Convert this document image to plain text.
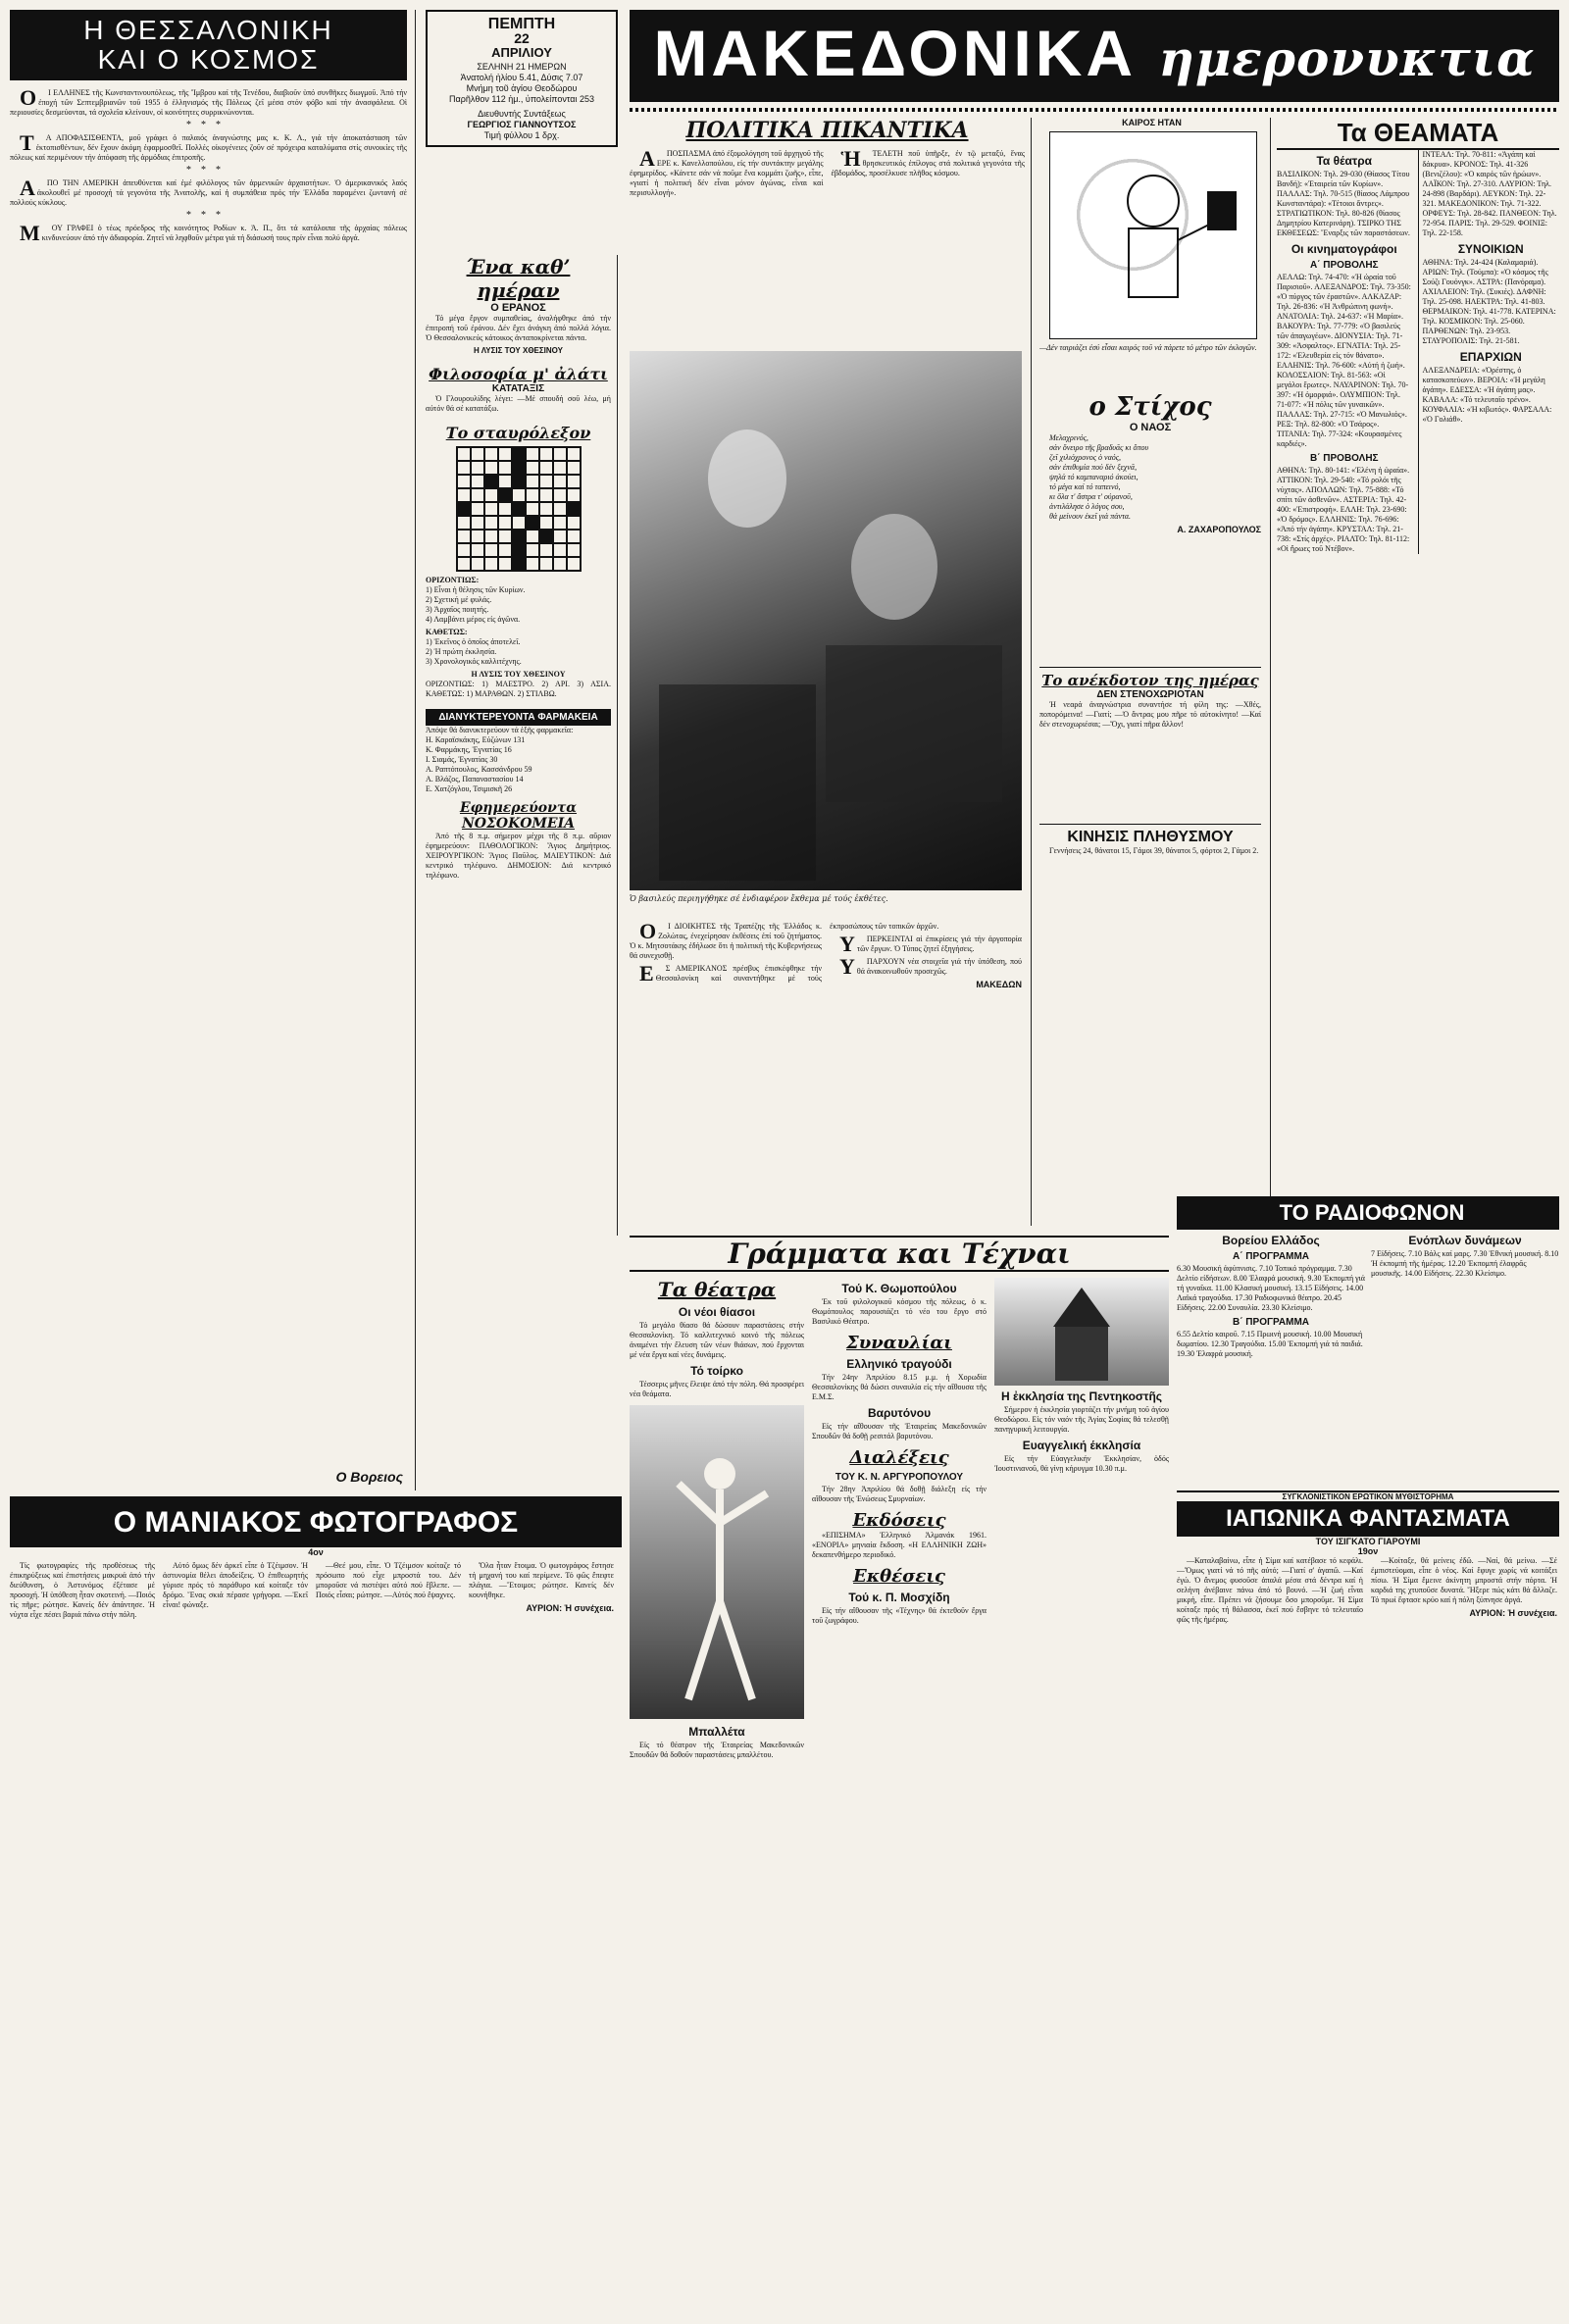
Η ΘΕΣΣΑΛΟΝΙΚΗ
ΚΑΙ Ο ΚΟΣΜΟΣ

ΟΙ ΕΛΛΗΝΕΣ τῆς Κωνσταντινουπόλεως, τῆς Ἴμβρου καί τῆς Τενέδου, διαβιοῦν ὑπό συνθῆκες διωγμοῦ. Ἀπό τήν ἐποχή τῶν Σεπτεμβριανῶν τοῦ 1955 ὁ ἑλληνισμός τῆς Πόλεως ζεῖ μέσα στόν φόβο καί τήν ἀνασφάλεια. Οἱ περιουσίες δεσμεύονται, τά σχολεῖα κλείνουν, οἱ κοινότητες συρρικνώνονται.

***

ΤΑ ΑΠΟΦΑΣΙΣΘΕΝΤΑ, μοῦ γράφει ὁ παλαιός ἀναγνώστης μας κ. Κ. Λ., γιά τήν ἀποκατάσταση τῶν ἐκτοπισθέντων, δέν ἔχουν ἀκόμη ἐφαρμοσθεῖ. Πολλές οἰκογένειες ζοῦν σέ πρόχειρα καταλύματα στίς συνοικίες τῆς πόλεως καί περιμένουν τήν ἀπόφαση τῆς ἁρμόδιας ἐπιτροπῆς.

***

ΑΠΟ ΤΗΝ ΑΜΕΡΙΚΗ ἀπευθύνεται καί ἐμέ φιλόλογος τῶν ἀρμενικῶν ἀρχαιοτήτων. Ὁ ἀμερικανικός λαός ἀκολουθεῖ μέ προσοχή τά γεγονότα τῆς Ἀνατολῆς, καί ἡ συμπάθεια πρός τήν Ἑλλάδα παραμένει ζωντανή σέ πολλούς κύκλους.

***

ΜΟΥ ΓΡΑΦΕΙ ὁ τέως πρόεδρος τῆς κοινότητος Ροδίων κ. Ἀ. Π., ὅτι τά κατάλοιπα τῆς ἀρχαίας πόλεως κινδυνεύουν ἀπό τήν ἀδιαφορία. Ζητεῖ νά ληφθοῦν μέτρα γιά τή διάσωσή τους πρίν εἶναι πολύ ἀργά.

Ο Βορειος
ΠΕΜΠΤΗ
22
ΑΠΡΙΛΙΟΥ
ΣΕΛΗΝΗ 21 ΗΜΕΡΩΝ
Ἀνατολή ἡλίου 5.41, Δύσις 7.07
Μνήμη τοῦ ἁγίου Θεοδώρου
Παρῆλθον 112 ἡμ., ὑπολείπονται 253
Διευθυντής Συντάξεως
ΓΕΩΡΓΙΟΣ ΓΙΑΝΝΟΥΤΣΟΣ
Τιμή φύλλου 1 δρχ.
Ένα καθ’ ημέραν
Ο ΕΡΑΝΟΣ

Τό μέγα ἔργον συμπαθείας, ἀναλήφθηκε ἀπό τήν ἐπιτροπή τοῦ ἐράνου. Δέν ἔχει ἀνάγκη ἀπό πολλά λόγια. Ὁ Θεσσαλονικεύς κάτοικος ἀνταποκρίνεται πάντα.

Η ΛΥΣΙΣ ΤΟΥ ΧΘΕΣΙΝΟΥ
Φιλοσοφία μ' ἀλάτι
ΚΑΤΑΤΑΞΙΣ

Ὁ Γλουρουλίδης λέγει: —Μέ σπουδή σοῦ λέω, μή αὐτόν θά σέ κατατάξω.

Το σταυρόλεξον
ΟΡΙΖΟΝΤΙΩΣ:
1) Εἶναι ἡ θέλησις τῶν Κυρίων.
2) Σχετική μέ φυλάς.
3) Ἀρχαῖος ποιητής.
4) Λαμβάνει μέρος εἰς ἀγῶνα.
ΚΑΘΕΤΩΣ:
1) Ἐκεῖνος ὁ ὁποῖος ἀποτελεῖ.
2) Ἡ πρώτη ἐκκλησία.
3) Χρονολογικός καλλιτέχνης.
Η ΛΥΣΙΣ ΤΟΥ ΧΘΕΣΙΝΟΥ
ΟΡΙΖΟΝΤΙΩΣ: 1) ΜΑΕΣΤΡΟ. 2) ΑΡΙ. 3) ΑΣΙΑ. ΚΑΘΕΤΩΣ: 1) ΜΑΡΑΘΩΝ. 2) ΣΤΙΛΒΩ.
ΔΙΑΝΥΚΤΕΡΕΥΟΝΤΑ ΦΑΡΜΑΚΕΙΑ
Ἀπόψε θά διανυκτερεύουν τά ἑξῆς φαρμακεῖα:
Η. Καραϊσκάκης, Εὐζώνων 131
Κ. Φαρμάκης, Ἐγνατίας 16
Ι. Σιαμάς, Ἐγνατίας 30
Α. Ραπτόπουλος, Κασσάνδρου 59
Α. Βλάζος, Παπαναστασίου 14
Ε. Χατζόγλου, Τσιμισκῆ 26
Εφημερεύοντα ΝΟΣΟΚΟΜΕΙΑ

Ἀπό τῆς 8 π.μ. σήμερον μέχρι τῆς 8 π.μ. αὔριον ἐφημερεύουν: ΠΑΘΟΛΟΓΙΚΟΝ: Ἅγιος Δημήτριος. ΧΕΙΡΟΥΡΓΙΚΟΝ: Ἅγιος Παῦλος. ΜΑΙΕΥΤΙΚΟΝ: Διά κεντρικό τηλέφωνο. ΔΗΜΟΣΙΟΝ: Διά κεντρικό τηλέφωνο.

ΜΑΚΕΔΟΝΙΚΑ ημερονυκτια
ΠΟΛΙΤΙΚΑ ΠΙΚΑΝΤΙΚΑ

ΑΠΟΣΠΑΣΜΑ ἀπό ἐξομολόγηση τοῦ ἀρχηγοῦ τῆς ΕΡΕ κ. Κανελλοπούλου, εἰς τήν συντάκτην μεγάλης ἐφημερίδος. «Κάνετε σάν νά ποῦμε ἕνα κομμάτι ζωῆς», εἶπε, «γιατί ἡ πολιτική δέν εἶναι μόνον ἀγώνας, εἶναι καί περισυλλογή».

ἩΤΕΛΕΤΗ ποῦ ὑπῆρξε, ἐν τῷ μεταξύ, ἕνας θρησκευτικός ἐπίλογος στά πολιτικά γεγονότα τῆς ἑβδομάδος, προσέλκυσε πλῆθος κόσμου.

Ὁ βασιλεύς περιηγήθηκε σέ ἐνδιαφέρον ἔκθεμα μέ τούς ἐκθέτες.

ΟΙ ΔΙΟΙΚΗΤΕΣ τῆς Τραπέζης τῆς Ἑλλάδος κ. Ζολώτας, ἐνεχείρησαν ἐκθέσεις ἐπί τοῦ ζητήματος. Ὁ κ. Μητσοτάκης ἐδήλωσε ὅτι ἡ πολιτική τῆς Κυβερνήσεως θά συνεχισθῇ.

ΕΣ ΑΜΕΡΙΚΑΝΟΣ πρέσβυς ἐπισκέφθηκε τήν Θεσσαλονίκη καί συναντήθηκε μέ τούς ἐκπροσώπους τῶν τοπικῶν ἀρχῶν.

ΥΠΕΡΚΕΙΝΤΑΙ αἱ ἐπικρίσεις γιά τήν ἀργοπορία τῶν ἔργων. Ὁ Τύπος ζητεῖ ἐξηγήσεις.

ΥΠΑΡΧΟΥΝ νέα στοιχεῖα γιά τήν ὑπόθεση, πού θά ἀνακοινωθοῦν προσεχῶς.

ΜΑΚΕΔΩΝ
KAIPOΣ ΗΤΑΝ
—Δέν ταιριάζει ἐσύ εἶσαι καιρός τοῦ νά πάρετε τό μέτρο τῶν ἐκλογῶν.
ο Στίχος
Ο ΝΑΟΣ
Μελαχρινός,
σάν ὄνειρο τῆς βραδυᾶς κι ὅπου
ζεῖ χιλιόχρονος ὁ ναός,
σάν ἐπιθυμία πού δέν ξεχνᾶ,
ψηλά τό καμπαναριό ἀκούει,
τό μέγα καί τό ταπεινό,
κι ὅλα τ' ἄστρα τ' οὐρανοῦ,
ἀντιλάλησε ὁ λόγος σου,
θά μείνουν ἐκεῖ γιά πάντα.
Α. ΖΑΧΑΡΟΠΟΥΛΟΣ
Το ανέκδοτον της ημέρας
ΔΕΝ ΣΤΕΝΟΧΩΡΙΟΤΑΝ

Ἡ νεαρά ἀναγνώστρια συναντήσε τή φίλη της: —Χθές, ποπορόμεινα! —Γιατί; —Ὁ ἄντρας μου πῆρε τό αὐτοκίνητο! —Καί δέν στενοχωριέσαι; —Ὄχι, γιατί πῆρα ἄλλον!

ΚΙΝΗΣΙΣ ΠΛΗΘΥΣΜΟΥ

Γεννήσεις 24, θάνατοι 15, Γάμοι 39, θάνατοι 5, φόρτοι 2, Γάμοι 2.

Τα ΘΕΑΜΑΤΑ
Τα θέατρα
ΒΑΣΙΛΙΚΟΝ: Τηλ. 29-030 (Θίασος Τίτου Βανδή): «Ἐταιρεία τῶν Κυρίων». ΠΑΛΛΑΣ: Τηλ. 70-515 (θίασος Λάμπρου Κωνσταντάρα): «Τέτοιοι ἄντρες». ΣΤΡΑΤΙΩΤΙΚΟΝ: Τηλ. 80-826 (θίασος Δημητρίου Κατερινάρη). ΤΣΙΡΚΟ ΤΗΣ ΕΚΘΕΣΕΩΣ: Ἔναρξις τῶν παραστάσεων.
Οι κινηματογράφοι
Α΄ ΠΡΟΒΟΛΗΣ
ΑΕΛΛΩ: Τηλ. 74-470: «Ἡ ὡραία τοῦ Παρισιοῦ». ΑΛΕΞΑΝΔΡΟΣ: Τηλ. 73-350: «Ὁ πύργος τῶν ἐραστῶν». ΑΛΚΑΖΑΡ: Τηλ. 26-836: «Ἡ Ἀνθρώπινη φωνή». ΑΝΑΤΟΛΙΑ: Τηλ. 24-637: «Ἡ Μαρία». ΒΑΚΟΥΡΑ: Τηλ. 77-779: «Ὁ βασιλεύς τῶν ἀπαγωγέων». ΔΙΟΝΥΣΙΑ: Τηλ. 71-309: «Ἀσφαλτος». ΕΓΝΑΤΙΑ: Τηλ. 25-172: «Ἐλευθερία εἰς τόν θάνατο». ΕΛΛΗΝΙΣ: Τηλ. 76-600: «Αὐτή ἡ ζωή». ΚΟΛΟΣΣΑΙΟΝ: Τηλ. 81-563: «Οἱ μεγάλοι ἔρωτες». ΝΑΥΑΡΙΝΟΝ: Τηλ. 70-397: «Ἡ ὀμορφιά». ΟΛΥΜΠΙΟΝ: Τηλ. 71-077: «Ἡ πόλις τῶν γυναικῶν». ΠΑΛΛΑΣ: Τηλ. 27-715: «Ὁ Μανωλιός». ΡΕΞ: Τηλ. 82-800: «Ὁ Τσάρος». ΤΙΤΑΝΙΑ: Τηλ. 77-324: «Κουρασμένες καρδιές».
Β΄ ΠΡΟΒΟΛΗΣ
ΑΘΗΝΑ: Τηλ. 80-141: «Ἑλένη ἡ ὡραία». ΑΤΤΙΚΟΝ: Τηλ. 29-540: «Τό ρολόι τῆς νύχτας». ΑΠΟΛΛΩΝ: Τηλ. 75-888: «Τό σπίτι τῶν ἀσθενῶν». ΑΣΤΕΡΙΑ: Τηλ. 42-400: «Ἐπιστροφή». ΕΛΛΗ: Τηλ. 23-690: «Ὁ δρόμος». ΕΛΛΗΝΙΣ: Τηλ. 76-696: «Ἀπό τήν ἀγάπη». ΚΡΥΣΤΑΛ: Τηλ. 21-738: «Στίς ἀρχές». ΡΙΑΛΤΟ: Τηλ. 81-112: «Οἱ ἥρωες τοῦ Ντέβον».
ΙΝΤΕΑΛ: Τηλ. 70-811: «Ἀγάπη καί δάκρυα». ΚΡΟΝΟΣ: Τηλ. 41-326 (Βενιζέλου): «Ὁ καιρός τῶν ἡρώων». ΛΑΪΚΟΝ: Τηλ. 27-310. ΛΑΥΡΙΟΝ: Τηλ. 24-898 (Βαρδάρι). ΛΕΥΚΟΝ: Τηλ. 22-321. ΜΑΚΕΔΟΝΙΚΟΝ: Τηλ. 71-322. ΟΡΦΕΥΣ: Τηλ. 28-842. ΠΑΝΘΕΟΝ: Τηλ. 72-954. ΠΑΡΙΣ: Τηλ. 29-529. ΦΟΙΝΙΞ: Τηλ. 22-158.
ΣΥΝΟΙΚΙΩΝ
ΑΘΗΝΑ: Τηλ. 24-424 (Καλαμαριά). ΑΡΙΩΝ: Τηλ. (Τούμπα): «Ὁ κόσμος τῆς Σούζι Γουόνγκ». ΑΣΤΡΑ: (Πανόραμα). ΑΧΙΛΛΕΙΟΝ: Τηλ. (Συκιές). ΔΑΦΝΗ: Τηλ. 25-098. ΗΛΕΚΤΡΑ: Τηλ. 41-803. ΘΕΡΜΑΙΚΟΝ: Τηλ. 41-778. ΚΑΤΕΡΙΝΑ: Τηλ. ΚΟΣΜΙΚΟΝ: Τηλ. 25-060. ΠΑΡΘΕΝΩΝ: Τηλ. 23-953. ΣΤΑΥΡΟΠΟΛΙΣ: Τηλ. 21-581.
ΕΠΑΡΧΙΩΝ
ΑΛΕΞΑΝΔΡΕΙΑ: «Ὀρέστης, ὁ κατασκοπεύων». ΒΕΡΟΙΑ: «Ἡ μεγάλη ἀγάπη». ΕΔΕΣΣΑ: «Ἡ ἀγάπη μας». ΚΑΒΑΛΑ: «Τό τελευταῖο τρένο». ΚΟΥΦΑΛΙΑ: «Ἡ κιβωτός». ΦΑΡΣΑΛΑ: «Ὁ Γολιάθ».
ΤΟ ΡΑΔΙΟΦΩΝΟΝ
Βορείου Ελλάδος
Α΄ ΠΡΟΓΡΑΜΜΑ
6.30 Μουσική ἀφύπνισις. 7.10 Τοπικό πρόγραμμα. 7.30 Δελτίο εἰδήσεων. 8.00 Ἑλαφρά μουσική. 9.30 Ἐκπομπή γιά τή γυναῖκα. 11.00 Κλασική μουσική. 13.15 Εἰδήσεις. 14.00 Λαϊκά τραγούδια. 17.30 Ραδιοφωνικό θέατρο. 20.45 Εἰδήσεις. 22.00 Συναυλία. 23.30 Κλείσιμο.
Β΄ ΠΡΟΓΡΑΜΜΑ
6.55 Δελτίο καιροῦ. 7.15 Πρωινή μουσική. 10.00 Μουσική δωματίου. 12.30 Τραγούδια. 15.00 Ἐκπομπή γιά τά παιδιά. 19.30 Ἐλαφρά μουσική.
Ενόπλων δυνάμεων
7 Εἰδήσεις. 7.10 Βάλς καί μαρς. 7.30 Ἐθνική μουσική. 8.10 Ἡ ἐκπομπή τῆς ἡμέρας. 12.20 Ἐκπομπή ἐλαφρᾶς μουσικῆς. 14.00 Εἰδήσεις. 22.30 Κλείσιμο.
Γράμματα και Τέχναι
Τα θέατρα
Οι νέοι θίασοι

Τό μεγάλο θίασο θά δώσουν παραστάσεις στήν Θεσσαλονίκη. Τό καλλιτεχνικό κοινό τῆς πόλεως ἀναμένει τήν ἔλευση τῶν νέων θιάσων, πού ἔρχονται μέ νέα ἔργα καί νέες δυνάμεις.

Τό τοίρκο

Τέσσερις μῆνες ἔλειψε ἀπό τήν πόλη. Θά προσφέρει νέα θεάματα.

Μπαλλέτα

Εἰς τό θέατρον τῆς Ἑταιρείας Μακεδονικῶν Σπουδῶν θά δοθοῦν παραστάσεις μπαλλέτου.

Τού Κ. Θωμοπούλου

Ἐκ τοῦ φιλολογικοῦ κόσμου τῆς πόλεως, ὁ κ. Θωμόπουλος παρουσιάζει τό νέο του ἔργο στό Βασιλικό Θέατρο.

Συναυλίαι
Ελληνικό τραγούδι

Τήν 24ην Ἀπριλίου 8.15 μ.μ. ἡ Χορωδία Θεσσαλονίκης θά δώσει συναυλία εἰς τήν αἴθουσα τῆς Ε.Μ.Σ.

Βαρυτόνου

Εἰς τήν αἴθουσαν τῆς Ἑταιρείας Μακεδονικῶν Σπουδῶν θά δοθῇ ρεσιτάλ βαρυτόνου.

Διαλέξεις
ΤΟΥ Κ. Ν. ΑΡΓΥΡΟΠΟΥΛΟΥ

Τήν 28ην Ἀπριλίου θά δοθῇ διάλεξη εἰς τήν αἴθουσαν τῆς Ἑνώσεως Σμυρναίων.

Εκδόσεις

«ΕΠΙΣΗΜΑ» Ἑλληνικό Ἀλμανάκ 1961. «ΕΝΟΡΙΑ» μηνιαία ἔκδοση. «Η ΕΛΛΗΝΙΚΗ ΖΩΗ» δεκαπενθήμερο περιοδικό.

Εκθέσεις
Τού κ. Π. Μοσχίδη

Εἰς τήν αἴθουσαν τῆς «Τέχνης» θά ἐκτεθοῦν ἔργα τοῦ ζωγράφου.

Η ἐκκλησία της Πεντηκοστῆς

Σήμερον ἡ ἐκκλησία γιορτάζει τήν μνήμη τοῦ ἁγίου Θεοδώρου. Εἰς τόν ναόν τῆς Ἁγίας Σοφίας θά τελεσθῇ πανηγυρική λειτουργία.

Ευαγγελική έκκλησία

Εἰς τήν Εὐαγγελικήν Ἐκκλησίαν, ὁδός Ἰουστινιανοῦ, θά γίνῃ κήρυγμα 10.30 π.μ.

ΣΥΓΚΛΟΝΙΣΤΙΚΟΝ ΕΡΩΤΙΚΟΝ ΜΥΘΙΣΤΟΡΗΜΑ
ΙΑΠΩΝΙΚΑ ΦΑΝΤΑΣΜΑΤΑ
ΤΟΥ ΙΣΙΓΚΑΤΟ ΓΙΑΡΟΥΜΙ
19ον

—Καταλαβαίνω, εἶπε ἡ Σίμα καί κατέβασε τό κεφάλι. —Ὅμως γιατί νά τό πῆς αὐτό; —Γιατί σ' ἀγαπῶ. —Καί ἐγώ. Ὁ ἄνεμος φυσοῦσε ἀπαλά μέσα στά δέντρα καί ἡ σελήνη ἀνέβαινε πάνω ἀπό τό βουνό. —Ἡ ζωή εἶναι μικρή, εἶπε. Πρέπει νά ζήσουμε ὅσο μποροῦμε. Ἡ Σίμα κοίταξε πρός τή θάλασσα, ἐκεῖ πού ἔσβηνε τό τελευταῖο φῶς τῆς ἡμέρας.

—Κοίταξε, θά μείνεις ἐδῶ. —Ναί, θά μείνω. —Σέ ἐμπιστεύομαι, εἶπε ὁ νέος. Καί ἔφυγε χωρίς νά κοιτάξει πίσω. Ἡ Σίμα ἔμεινε ἀκίνητη μπροστά στήν πόρτα. Ἡ καρδιά της χτυποῦσε δυνατά. Ἤξερε πώς κάτι θά ἄλλαζε. Τό πρωί ἔφτασε κρύο καί ἡ πόλη ξύπνησε ἀργά.

ΑΥΡΙΟΝ: Ἡ συνέχεια.
Ο ΜΑΝΙΑΚΟΣ ΦΩΤΟΓΡΑΦΟΣ
4ον

Τίς φωτογραφίες τῆς προθέσεως τῆς ἐπικηρύξεως καί ἐπιστήσεις μακρυά ἀπό τήν διεύθυνση, ὁ Ἀστυνόμος ἐξέτασε μέ προσοχή. Ἡ ὑπόθεση ἦταν σκοτεινή. —Ποιός τίς πῆρε; ρώτησε. Κανείς δέν ἀπάντησε. Ἡ νύχτα εἶχε πέσει βαριά πάνω στήν πόλη.

Αὐτό ὅμως δέν ἀρκεῖ εἶπε ὁ Τζέιμσον. Ἡ ἀστυνομία θέλει ἀποδείξεις. Ὁ ἐπιθεωρητής γύρισε πρός τό παράθυρο καί κοίταξε τόν δρόμο. Ἕνας σκιά πέρασε γρήγορα. —Ἐκεῖ εἶναι! φώναξε.

—Θεέ μου, εἶπε. Ὁ Τζέιμσον κοίταζε τό πρόσωπο πού εἶχε μπροστά του. Δέν μποροῦσε νά πιστέψει αὐτό πού ἔβλεπε. —Ποιός εἶσαι; ρώτησε. —Αὐτός πού ἔψαχνες.

Ὅλα ἦταν ἕτοιμα. Ὁ φωτογράφος ἔστησε τή μηχανή του καί περίμενε. Τό φῶς ἔπεφτε πλάγια. —Ἕτοιμοι; ρώτησε. Κανείς δέν κουνήθηκε.

ΑΥΡΙΟΝ: Ἡ συνέχεια.
